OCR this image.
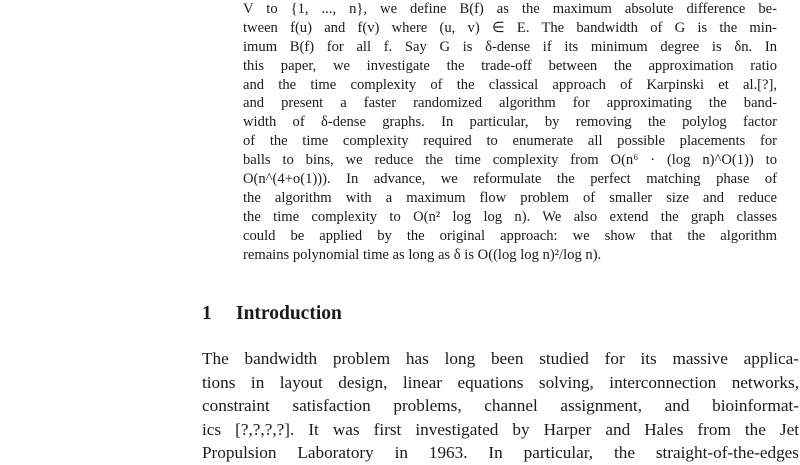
V to {1, ..., n}, we define B(f) as the maximum absolute difference be-
tween f(u) and f(v) where (u, v) ∈ E. The bandwidth of G is the min-
imum B(f) for all f. Say G is δ-dense if its minimum degree is δn. In
this paper, we investigate the trade-off between the approximation ratio
and the time complexity of the classical approach of Karpinski et al.[?],
and present a faster randomized algorithm for approximating the band-
width of δ-dense graphs. In particular, by removing the polylog factor
of the time complexity required to enumerate all possible placements for
balls to bins, we reduce the time complexity from O(n⁶ · (log n)^O(1)) to
O(n^(4+o(1))). In advance, we reformulate the perfect matching phase of
the algorithm with a maximum flow problem of smaller size and reduce
the time complexity to O(n² log log n). We also extend the graph classes
could be applied by the original approach: we show that the algorithm
remains polynomial time as long as δ is O((log log n)²/log n).
1 Introduction
The bandwidth problem has long been studied for its massive applica-
tions in layout design, linear equations solving, interconnection networks,
constraint satisfaction problems, channel assignment, and bioinformat-
ics [?,?,?,?]. It was first investigated by Harper and Hales from the Jet
Propulsion Laboratory in 1963. In particular, the straight-of-the-edges
